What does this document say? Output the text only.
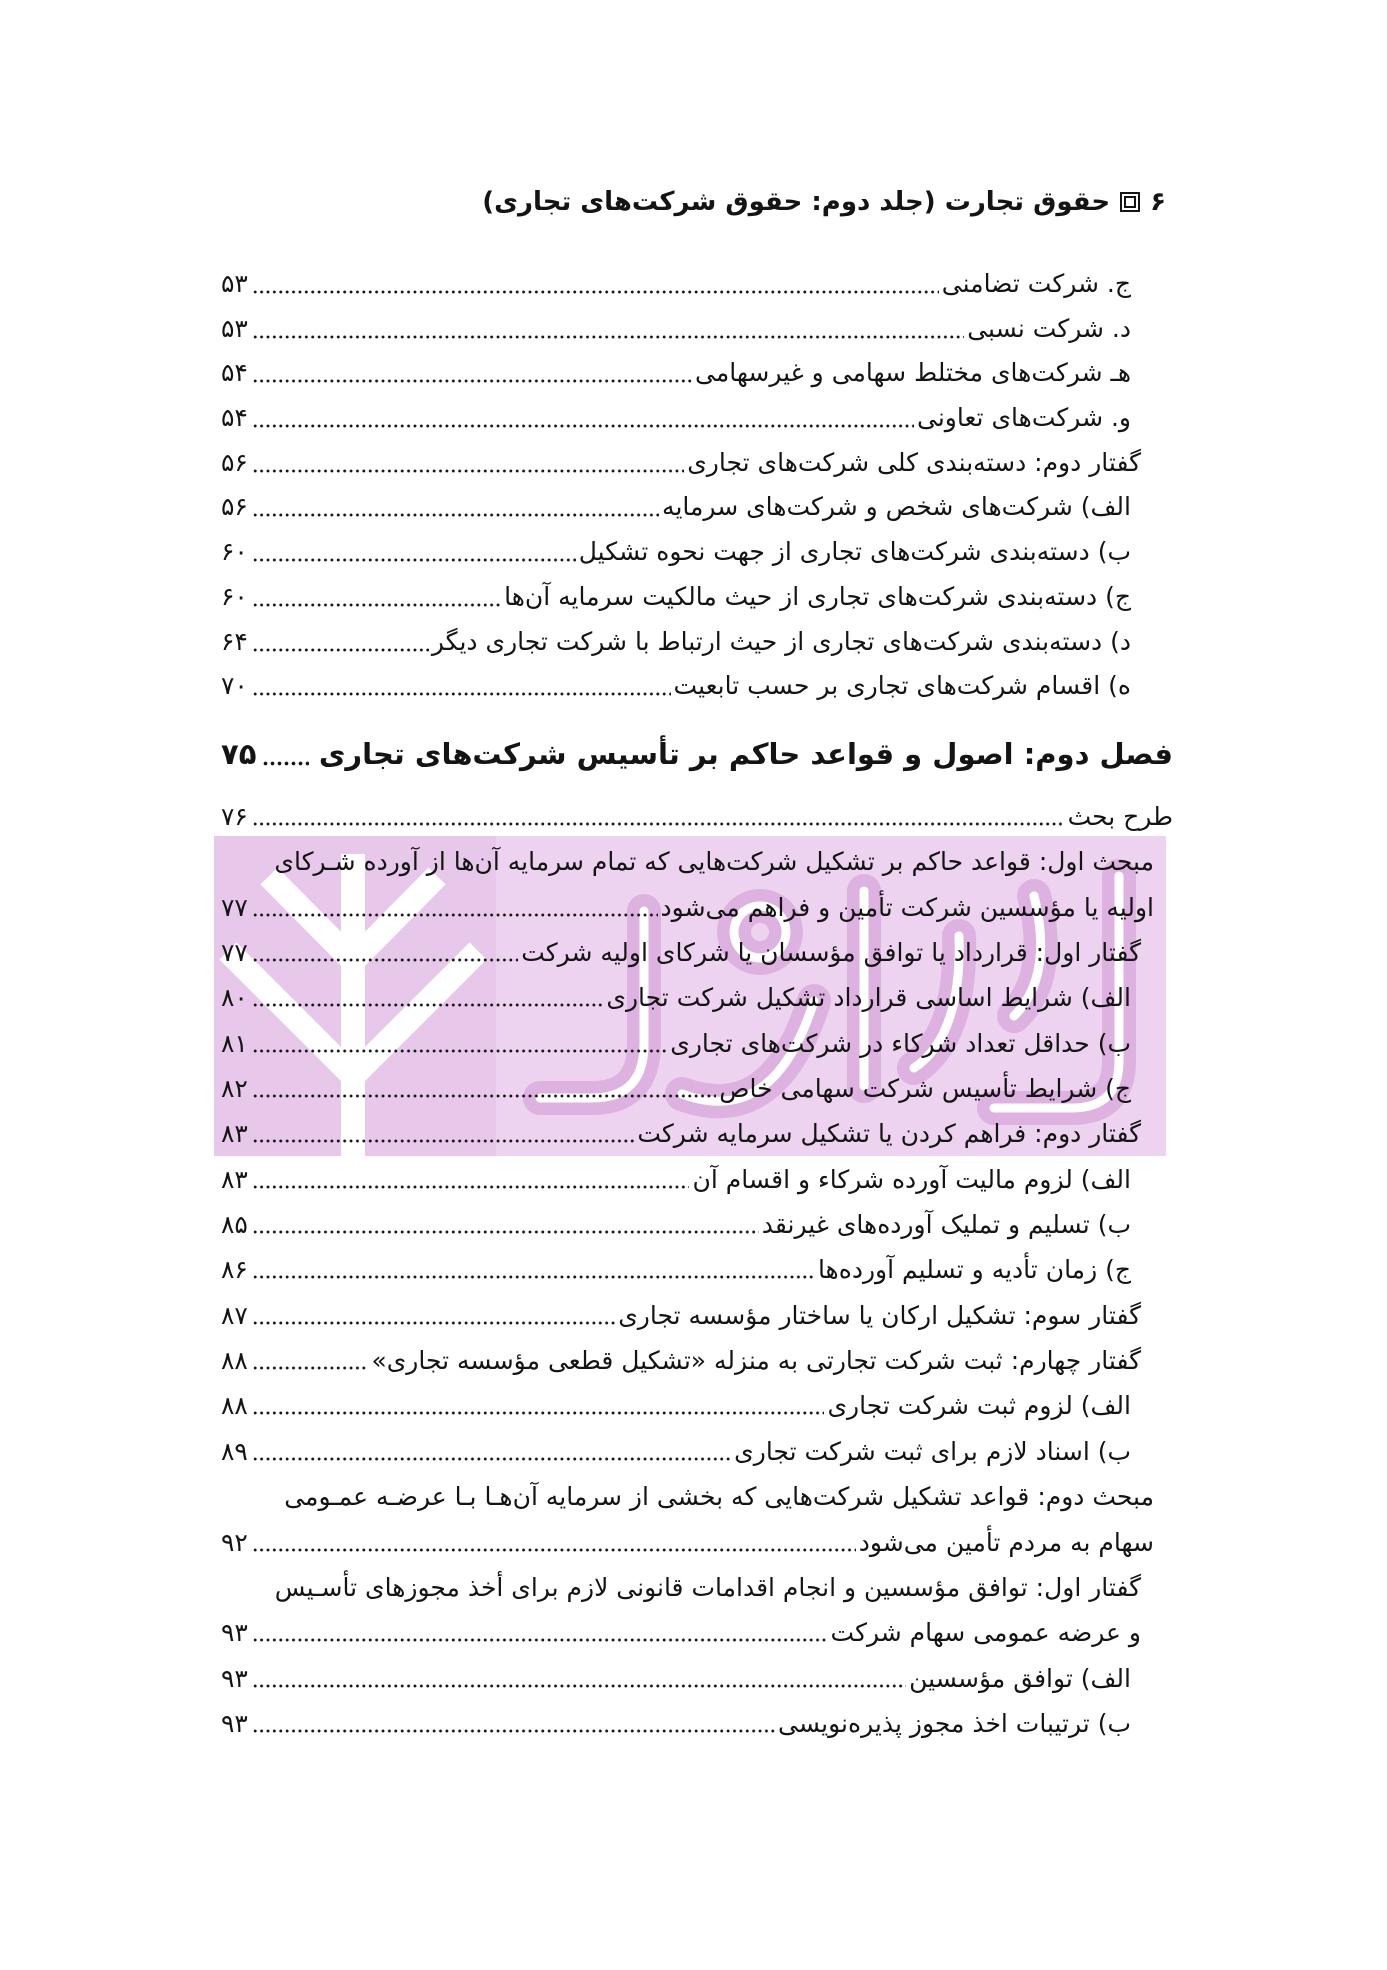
۶
حقوق تجارت (جلد دوم: حقوق شرکت‌های تجاری)
ج. شرکت تضامنی
۵۳
د. شرکت نسبی
۵۳
هـ شرکت‌های مختلط سهامی و غیرسهامی
۵۴
و. شرکت‌های تعاونی
۵۴
گفتار دوم: دسته‌بندی کلی شرکت‌های تجاری
۵۶
الف) شرکت‌های شخص و شرکت‌های سرمایه
۵۶
ب) دسته‌بندی شرکت‌های تجاری از جهت نحوه تشکیل
۶۰
ج) دسته‌بندی شرکت‌های تجاری از حیث مالکیت سرمایه آن‌ها
۶۰
د) دسته‌بندی شرکت‌های تجاری از حیث ارتباط با شرکت تجاری دیگر
۶۴
ه) اقسام شرکت‌های تجاری بر حسب تابعیت
۷۰
فصل دوم: اصول و قواعد حاکم بر تأسیس شرکت‌های تجاری
۷۵
طرح بحث
۷۶
مبحث اول: قواعد حاکم بر تشکیل شرکت‌هایی که تمام سرمایه آن‌ها از آورده شـرکای
اولیه یا مؤسسین شرکت تأمین و فراهم می‌شود
۷۷
گفتار اول: قرارداد یا توافق مؤسسان یا شرکای اولیه شرکت
۷۷
الف) شرایط اساسی قرارداد تشکیل شرکت تجاری
۸۰
ب) حداقل تعداد شرکاء در شرکت‌های تجاری
۸۱
ج) شرایط تأسیس شرکت سهامی خاص
۸۲
گفتار دوم: فراهم کردن یا تشکیل سرمایه شرکت
۸۳
الف) لزوم مالیت آورده شرکاء و اقسام آن
۸۳
ب) تسلیم و تملیک آورده‌های غیرنقد
۸۵
ج) زمان تأدیه و تسلیم آورده‌ها
۸۶
گفتار سوم: تشکیل ارکان یا ساختار مؤسسه تجاری
۸۷
گفتار چهارم: ثبت شرکت تجارتی به منزله «تشکیل قطعی مؤسسه تجاری»
۸۸
الف) لزوم ثبت شرکت تجاری
۸۸
ب) اسناد لازم برای ثبت شرکت تجاری
۸۹
مبحث دوم: قواعد تشکیل شرکت‌هایی که بخشی از سرمایه آن‌هـا بـا عرضـه عمـومی
سهام به مردم تأمین می‌شود
۹۲
گفتار اول: توافق مؤسسین و انجام اقدامات قانونی لازم برای أخذ مجوزهای تأسـیس
و عرضه عمومی سهام شرکت
۹۳
الف) توافق مؤسسین
۹۳
ب) ترتیبات اخذ مجوز پذیره‌نویسی
۹۳
